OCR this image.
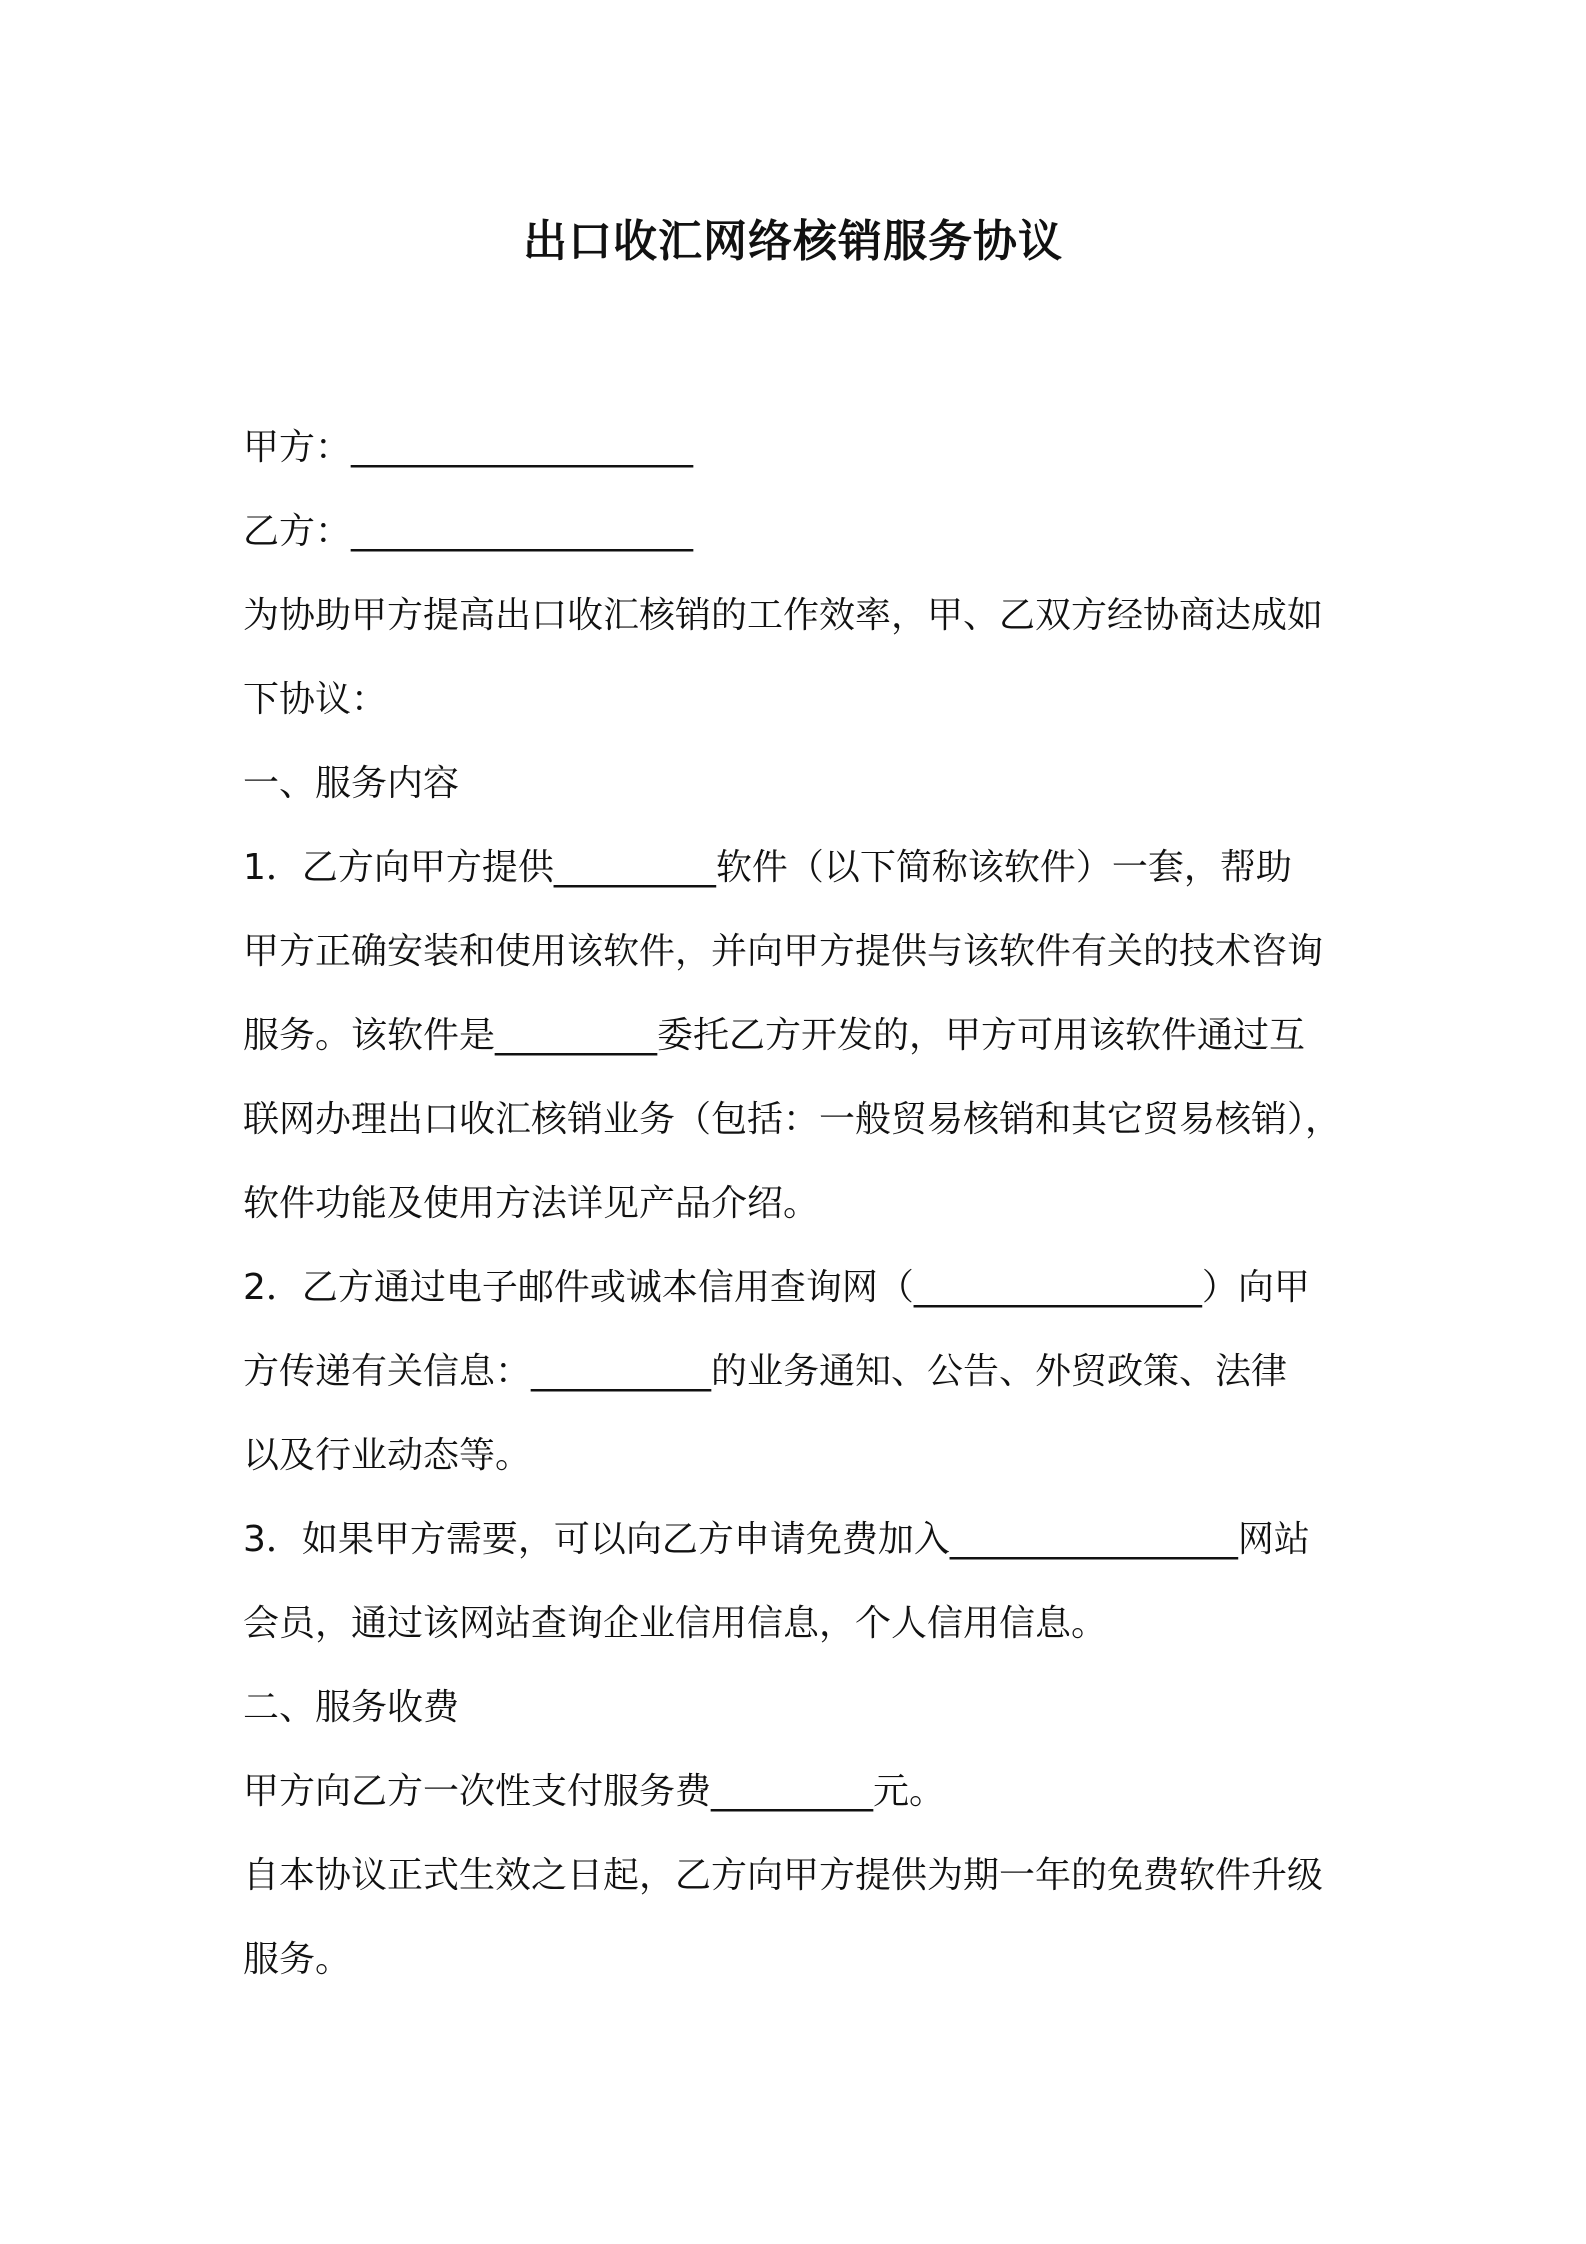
出口收汇网络核销服务协议
甲方：___________________
乙方：___________________
为协助甲方提高出口收汇核销的工作效率，甲、乙双方经协商达成如
下协议：
一、服务内容
1．乙方向甲方提供_________软件（以下简称该软件）一套，帮助
甲方正确安装和使用该软件，并向甲方提供与该软件有关的技术咨询
服务。该软件是_________委托乙方开发的，甲方可用该软件通过互
联网办理出口收汇核销业务（包括：一般贸易核销和其它贸易核销），
软件功能及使用方法详见产品介绍。
2．乙方通过电子邮件或诚本信用查询网（________________）向甲
方传递有关信息：__________的业务通知、公告、外贸政策、法律
以及行业动态等。
3．如果甲方需要，可以向乙方申请免费加入________________网站
会员，通过该网站查询企业信用信息，个人信用信息。
二、服务收费
甲方向乙方一次性支付服务费_________元。
自本协议正式生效之日起，乙方向甲方提供为期一年的免费软件升级
服务。
